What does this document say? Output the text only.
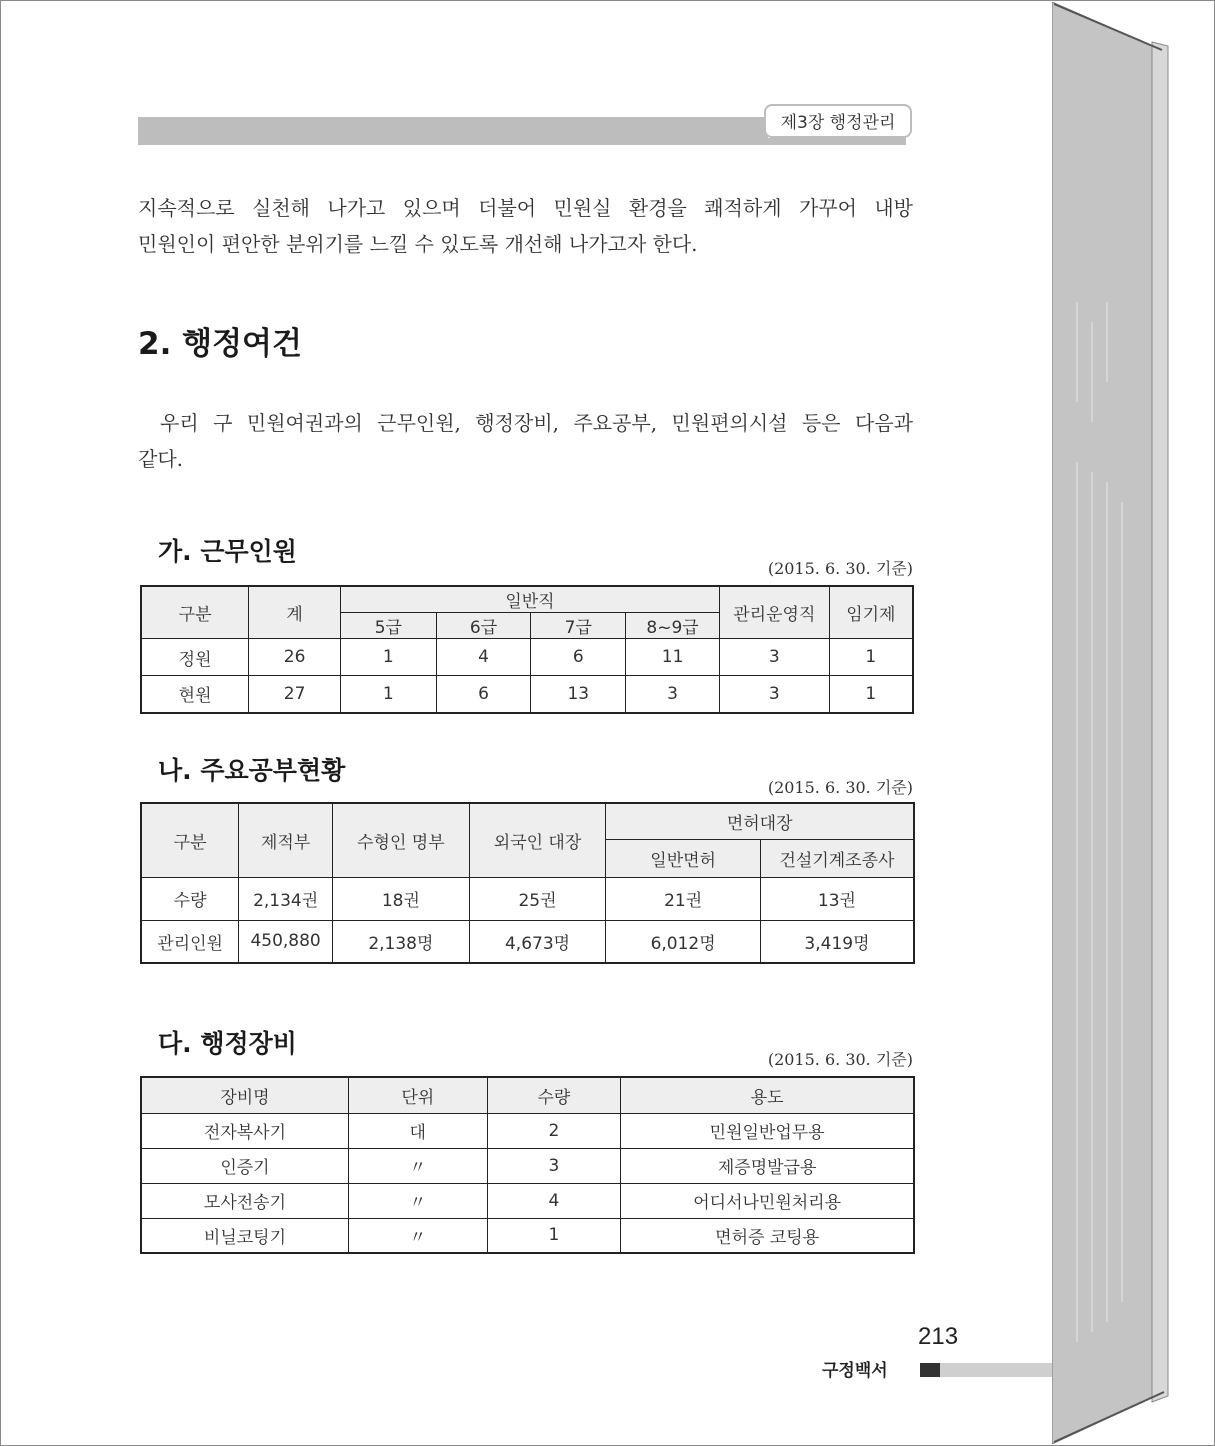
제3장 행정관리

지속적으로 실천해 나가고 있으며 더불어 민원실 환경을 쾌적하게 가꾸어 내방

민원인이 편안한 분위기를 느낄 수 있도록 개선해 나가고자 한다.

2. 행정여건

우리 구 민원여권과의 근무인원, 행정장비, 주요공부, 민원편의시설 등은 다음과

같다.

가. 근무인원
(2015. 6. 30. 기준)
구분	계	일반직				관리운영직	임기제
		5급	6급	7급	8~9급		
정원	26	1	4	6	11	3	1
현원	27	1	6	13	3	3	1
나. 주요공부현황
(2015. 6. 30. 기준)
구분	제적부	수형인 명부	외국인 대장	면허대장	
				일반면허	건설기계조종사
수량	2,134권	18권	25권	21권	13권
관리인원	450,880	2,138명	4,673명	6,012명	3,419명
다. 행정장비
(2015. 6. 30. 기준)
장비명	단위	수량	용도
전자복사기	대	2	민원일반업무용
인증기	〃	3	제증명발급용
모사전송기	〃	4	어디서나민원처리용
비닐코팅기	〃	1	면허증 코팅용
213
구정백서
